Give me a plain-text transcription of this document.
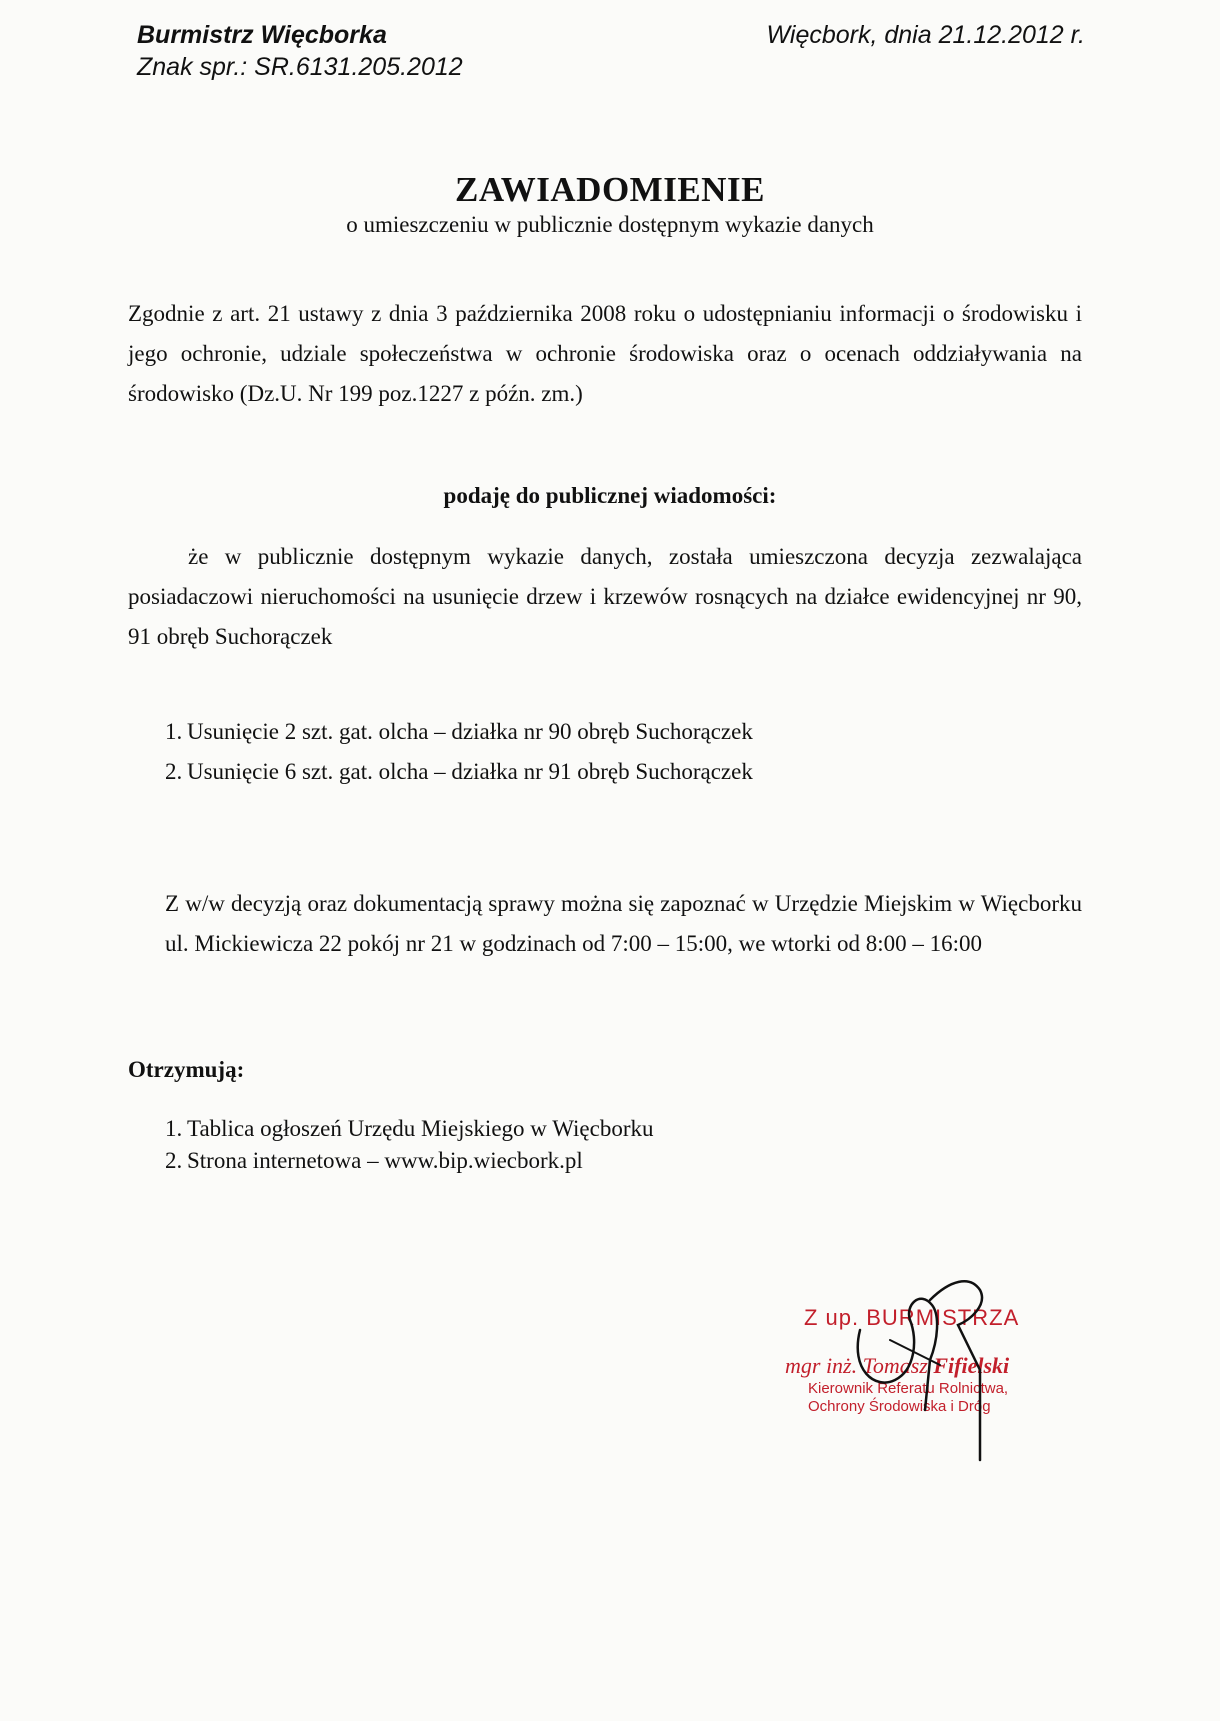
Burmistrz Więcborka
Znak spr.: SR.6131.205.2012
Więcbork, dnia 21.12.2012 r.
ZAWIADOMIENIE
o umieszczeniu w publicznie dostępnym wykazie danych
Zgodnie z art. 21 ustawy z dnia 3 października 2008 roku o udostępnianiu informacji o środowisku i jego ochronie, udziale społeczeństwa w ochronie środowiska oraz o ocenach oddziaływania na środowisko (Dz.U. Nr 199 poz.1227 z późn. zm.)
podaję do publicznej wiadomości:
że w publicznie dostępnym wykazie danych, została umieszczona decyzja zezwalająca posiadaczowi nieruchomości na usunięcie drzew i krzewów rosnących na działce ewidencyjnej nr 90, 91 obręb Suchorączek
1. Usunięcie 2 szt. gat. olcha – działka nr 90 obręb Suchorączek
2. Usunięcie 6 szt. gat. olcha – działka nr 91 obręb Suchorączek
Z w/w decyzją oraz dokumentacją sprawy można się zapoznać w Urzędzie Miejskim w Więcborku ul. Mickiewicza 22 pokój nr 21 w godzinach od 7:00 – 15:00, we wtorki od 8:00 – 16:00
Otrzymują:
1. Tablica ogłoszeń Urzędu Miejskiego w Więcborku
2. Strona internetowa – www.bip.wiecbork.pl
Z up. BURMISTRZA
mgr inż. Tomasz Fifielski
Kierownik Referatu Rolnictwa,
Ochrony Środowiska i Dróg
